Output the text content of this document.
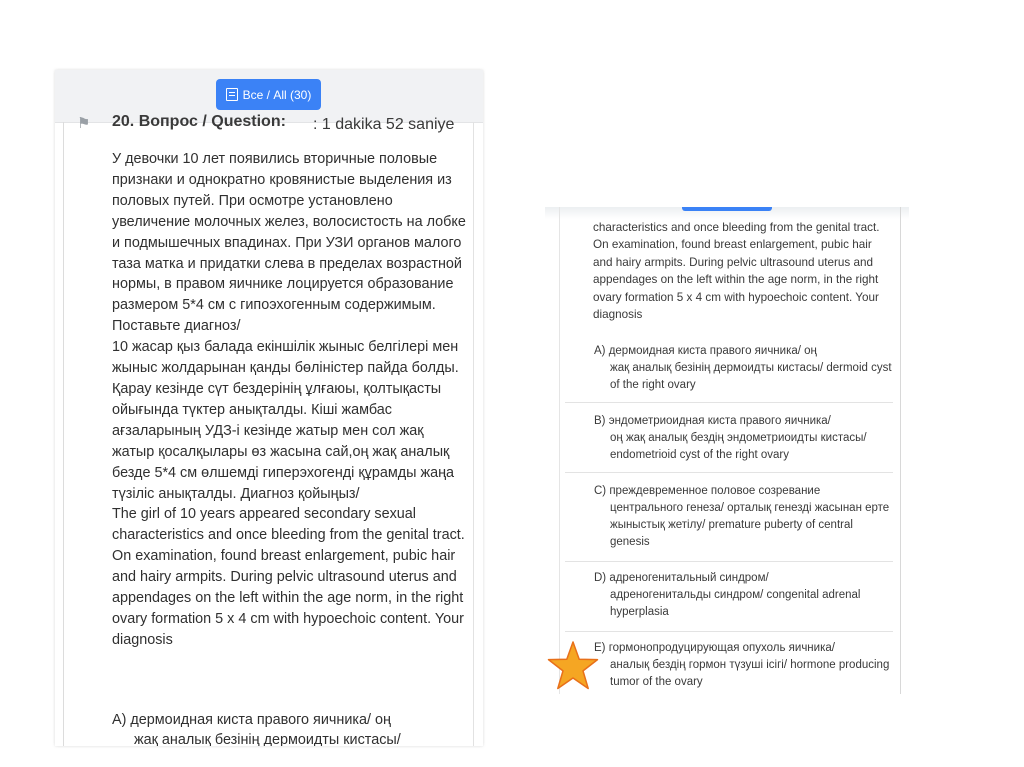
Все / All (30)
⚑ 20. Вопрос / Question: : 1 dakika 52 saniye

У девочки 10 лет появились вторичные половые признаки и однократно кровянистые выделения из половых путей. При осмотре установлено увеличение молочных желез, волосистость на лобке и подмышечных впадинах. При УЗИ органов малого таза матка и придатки слева в пределах возрастной нормы, в правом яичнике лоцируется образование размером 5*4 см с гипоэхогенным содержимым. Поставьте диагноз/

10 жасар қыз балада екіншілік жыныс белгілері мен жыныс жолдарынан қанды бөліністер пайда болды. Қарау кезінде сүт бездерінің ұлғаюы, қолтықасты ойығында түктер анықталды. Кіші жамбас ағзаларының УДЗ-і кезінде жатыр мен сол жақ жатыр қосалқылары өз жасына сай,оң жақ аналық безде 5*4 см өлшемді гиперэхогенді құрамды жаңа түзіліс анықталды. Диагноз қойыңыз/

The girl of 10 years appeared secondary sexual characteristics and once bleeding from the genital tract. On examination, found breast enlargement, pubic hair and hairy armpits. During pelvic ultrasound uterus and appendages on the left within the age norm, in the right ovary formation 5 x 4 cm with hypoechoic content. Your diagnosis

A) дермоидная киста правого яичника/ оң
жақ аналық безінің дермоидты кистасы/
characteristics and once bleeding from the genital tract. On examination, found breast enlargement, pubic hair and hairy armpits. During pelvic ultrasound uterus and appendages on the left within the age norm, in the right ovary formation 5 x 4 cm with hypoechoic content. Your diagnosis
A) дермоидная киста правого яичника/ оң
жақ аналық безінің дермоидты кистасы/ dermoid cyst of the right ovary
B) эндометриоидная киста правого яичника/
оң жақ аналық бездің эндометриоидты кистасы/ endometrioid cyst of the right ovary
C) преждевременное половое созревание
центрального генеза/ орталық генезді жасынан ерте жыныстық жетілу/ premature puberty of central genesis
D) адреногенитальный синдром/
адреногенитальды синдром/ congenital adrenal hyperplasia
E) гормонопродуцирующая опухоль яичника/
аналық бездің гормон түзуші ісігі/ hormone producing tumor of the ovary
